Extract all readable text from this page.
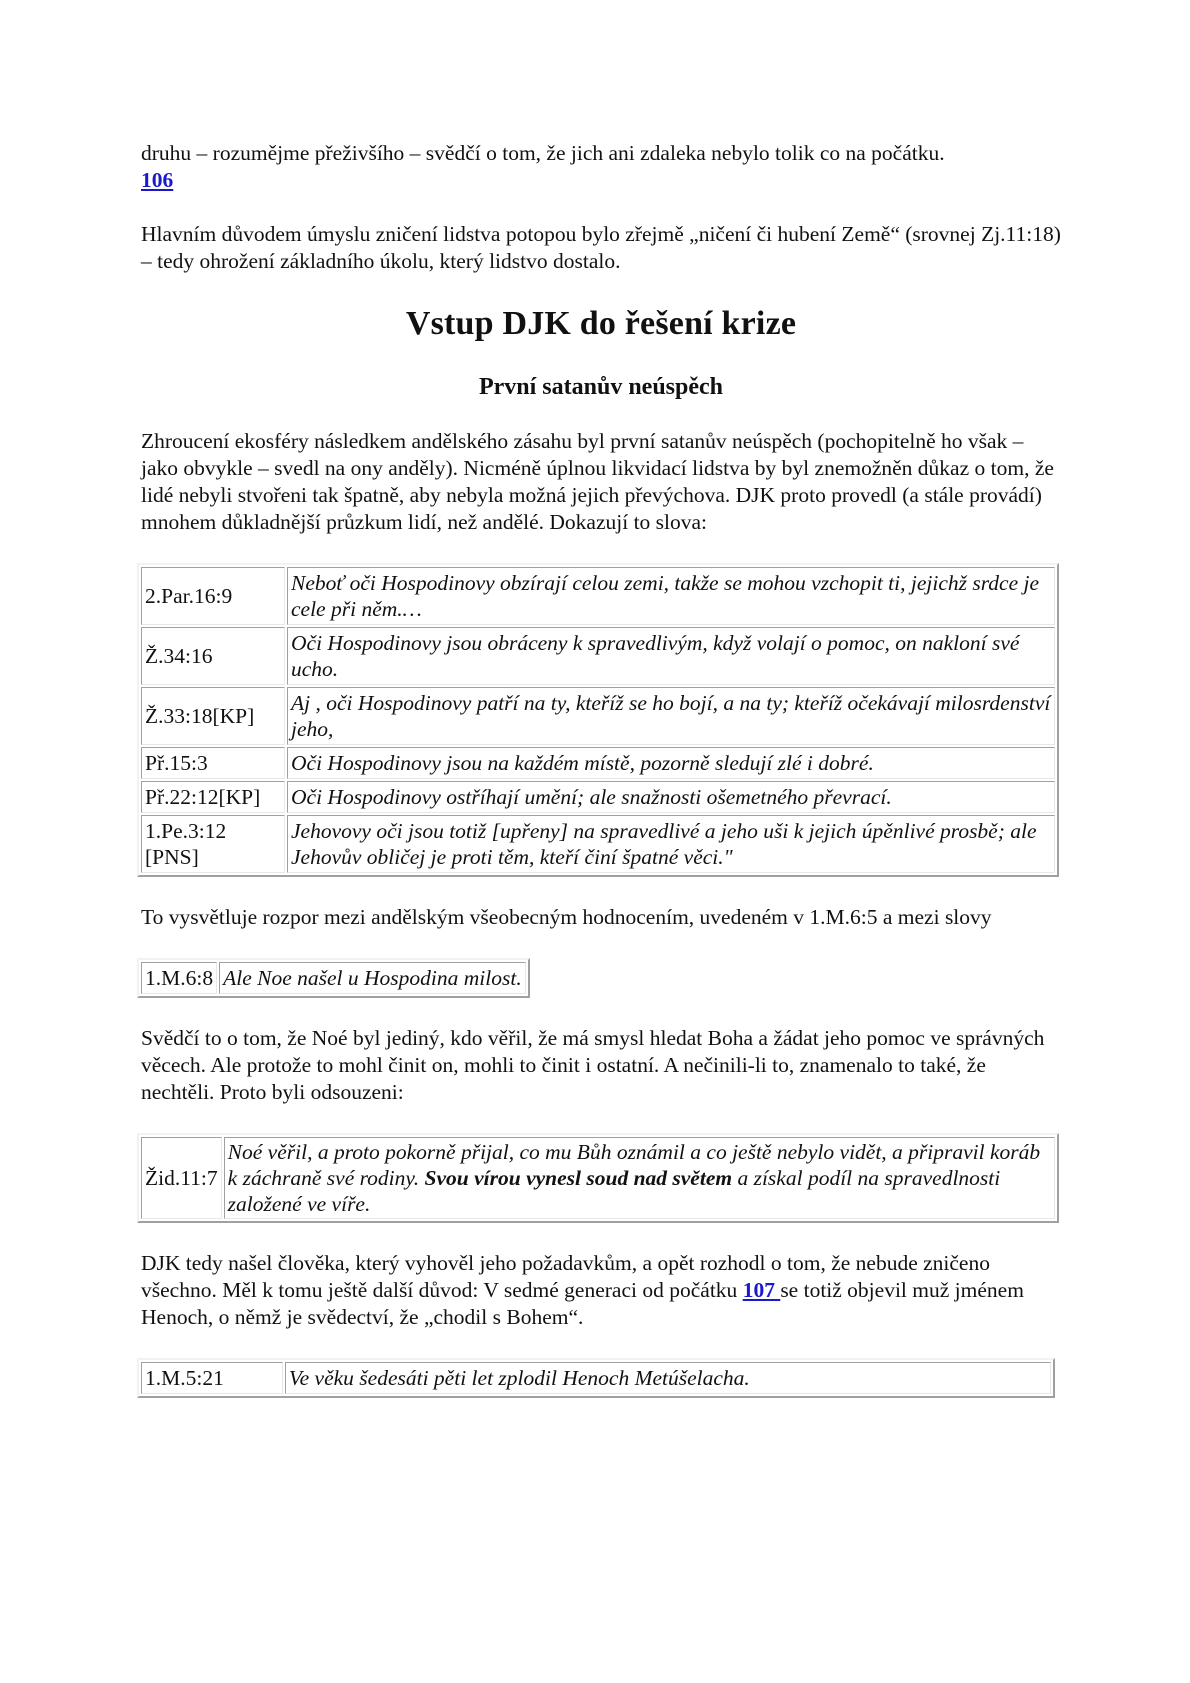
druhu – rozumějme přeživšího – svědčí o tom, že jich ani zdaleka nebylo tolik co na počátku.
106

Hlavním důvodem úmyslu zničení lidstva potopou bylo zřejmě „ničení či hubení Země“ (srovnej Zj.11:18) – tedy ohrožení základního úkolu, který lidstvo dostalo.

Vstup DJK do řešení krize
První satanův neúspěch

Zhroucení ekosféry následkem andělského zásahu byl první satanův neúspěch (pochopitelně ho však – jako obvykle – svedl na ony anděly). Nicméně úplnou likvidací lidstva by byl znemožněn důkaz o tom, že lidé nebyli stvořeni tak špatně, aby nebyla možná jejich převýchova. DJK proto provedl (a stále provádí) mnohem důkladnější průzkum lidí, než andělé. Dokazují to slova:

2.Par.16:9	Neboť oči Hospodinovy obzírají celou zemi, takže se mohou vzchopit ti, jejichž srdce je cele při něm.…
Ž.34:16	Oči Hospodinovy jsou obráceny k spravedlivým, když volají o pomoc, on nakloní své ucho.
Ž.33:18[KP]	Aj , oči Hospodinovy patří na ty, kteříž se ho bojí, a na ty; kteříž očekávají milosrdenství jeho,
Př.15:3	Oči Hospodinovy jsou na každém místě, pozorně sledují zlé i dobré.
Př.22:12[KP]	Oči Hospodinovy ostříhají umění; ale snažnosti ošemetného převrací.
1.Pe.3:12 [PNS]	Jehovovy oči jsou totiž [upřeny] na spravedlivé a jeho uši k jejich úpěnlivé prosbě; ale Jehovův obličej je proti těm, kteří činí špatné věci."

To vysvětluje rozpor mezi andělským všeobecným hodnocením, uvedeném v 1.M.6:5 a mezi slovy

1.M.6:8	Ale Noe našel u Hospodina milost.

Svědčí to o tom, že Noé byl jediný, kdo věřil, že má smysl hledat Boha a žádat jeho pomoc ve správných věcech. Ale protože to mohl činit on, mohli to činit i ostatní. A nečinili-li to, znamenalo to také, že nechtěli. Proto byli odsouzeni:

Žid.11:7	Noé věřil, a proto pokorně přijal, co mu Bůh oznámil a co ještě nebylo vidět, a připravil koráb k záchraně své rodiny. Svou vírou vynesl soud nad světem a získal podíl na spravedlnosti založené ve víře.

DJK tedy našel člověka, který vyhověl jeho požadavkům, a opět rozhodl o tom, že nebude zničeno všechno. Měl k tomu ještě další důvod: V sedmé generaci od počátku 107 se totiž objevil muž jménem Henoch, o němž je svědectví, že „chodil s Bohem“.

1.M.5:21	Ve věku šedesáti pěti let zplodil Henoch Metúšelacha.
